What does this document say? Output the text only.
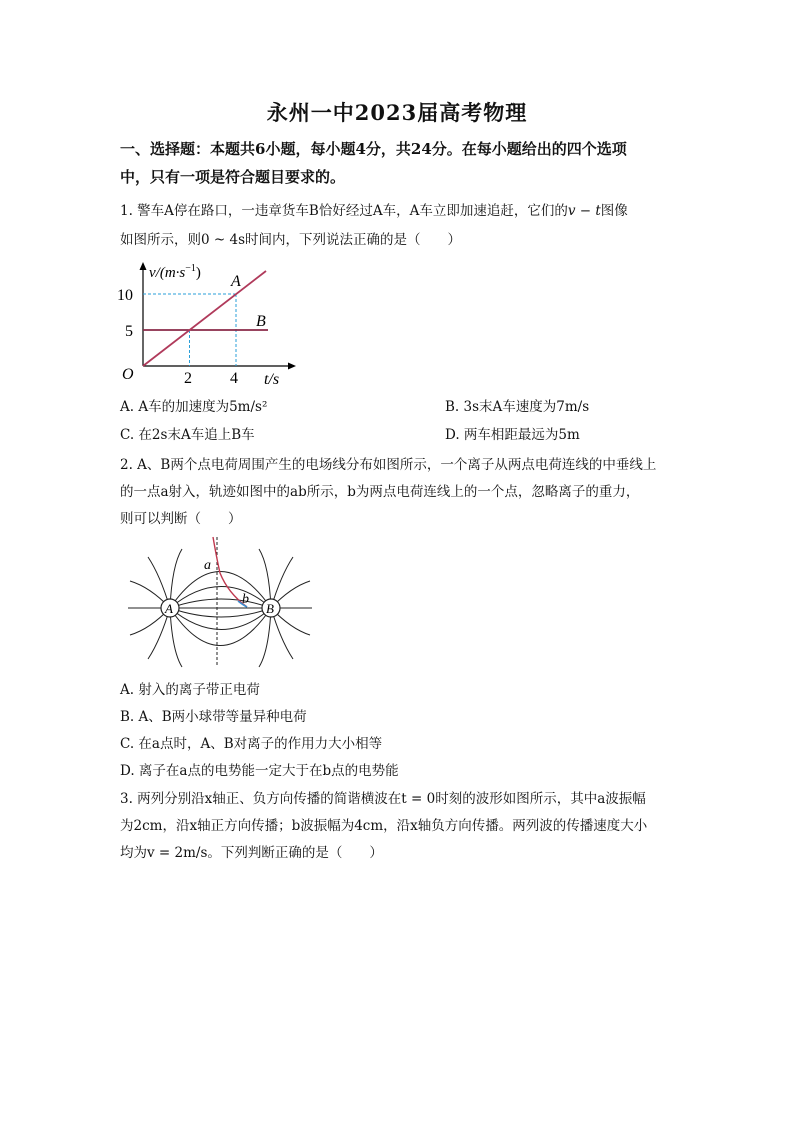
永州一中2023届高考物理
一、选择题：本题共6小题，每小题4分，共24分。在每小题给出的四个选项
中，只有一项是符合题目要求的。
1. 警车A停在路口，一违章货车B恰好经过A车，A车立即加速追赶，它们的v − t图像
如图所示，则0 ~ 4s时间内，下列说法正确的是（　　）
$v/(m\cdot s^{-1})$ A
B
10
5
O	2 4 t/s
A. A车的加速度为5m/s²	B. 3s末A车速度为7m/s
C. 在2s末A车追上B车	D. 两车相距最远为5m
2. A、B两个点电荷周围产生的电场线分布如图所示，一个离子从两点电荷连线的中垂线上
的一点a射入，轨迹如图中的ab所示，b为两点电荷连线上的一个点，忽略离子的重力，
则可以判断（　　）
A	B
a
b
A. 射入的离子带正电荷
B. A、B两小球带等量异种电荷
C. 在a点时，A、B对离子的作用力大小相等
D. 离子在a点的电势能一定大于在b点的电势能
3. 两列分别沿x轴正、负方向传播的简谐横波在t = 0时刻的波形如图所示，其中a波振幅
为2cm，沿x轴正方向传播；b波振幅为4cm，沿x轴负方向传播。两列波的传播速度大小
均为v = 2m/s。下列判断正确的是（　　）
